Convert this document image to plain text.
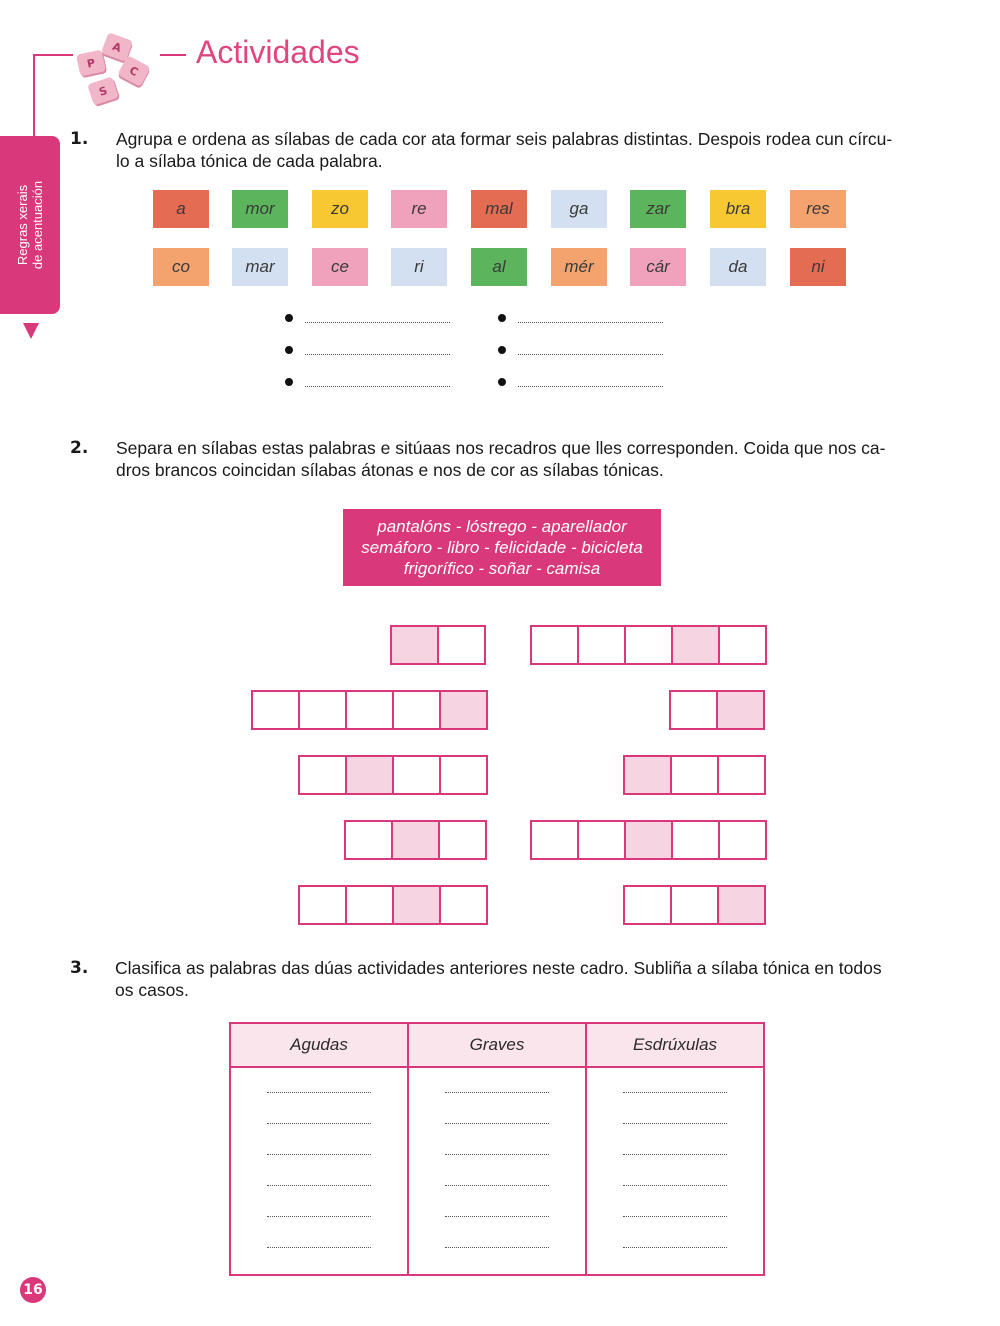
A
P
C
S
Actividades
Regras xerais
de acentuación
1. Agrupa e ordena as sílabas de cada cor ata formar seis palabras distintas. Despois rodea cun círcu-
lo a sílaba tónica de cada palabra.
a	mor	zo	re	mal	ga	zar	bra	res
co	mar	ce	ri	al	mér	cár	da	ni
2. Separa en sílabas estas palabras e sitúaas nos recadros que lles corresponden. Coida que nos ca-
dros brancos coincidan sílabas átonas e nos de cor as sílabas tónicas.
pantalóns - lóstrego - aparellador
semáforo - libro - felicidade - bicicleta
frigorífico - soñar - camisa
3. Clasifica as palabras das dúas actividades anteriores neste cadro. Subliña a sílaba tónica en todos
os casos.
Agudas	Graves	Esdrúxulas

16
